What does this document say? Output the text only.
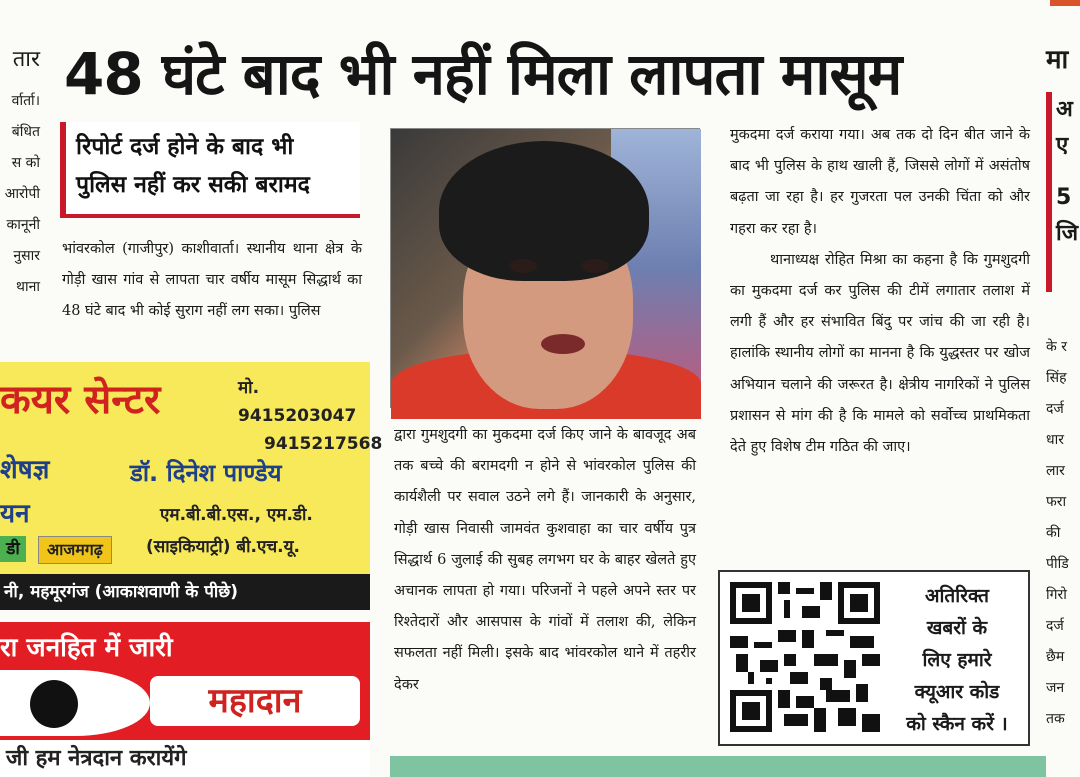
तार

र्वार्ता।

बंधित

स को

आरोपी

कानूनी

नुसार

थाना

48 घंटे बाद भी नहीं मिला लापता मासूम
रिपोर्ट दर्ज होने के बाद भी
पुलिस नहीं कर सकी बरामद
भांवरकोल (गाजीपुर) काशीवार्ता। स्थानीय थाना क्षेत्र के गोड़ी खास गांव से लापता चार वर्षीय मासूम सिद्धार्थ का 48 घंटे बाद भी कोई सुराग नहीं लग सका। पुलिस
द्वारा गुमशुदगी का मुकदमा दर्ज किए जाने के बावजूद अब तक बच्चे की बरामदगी न होने से भांवरकोल पुलिस की कार्यशैली पर सवाल उठने लगे हैं। जानकारी के अनुसार, गोड़ी खास निवासी जामवंत कुशवाहा का चार वर्षीय पुत्र सिद्धार्थ 6 जुलाई की सुबह लगभग घर के बाहर खेलते हुए अचानक लापता हो गया। परिजनों ने पहले अपने स्तर पर रिश्तेदारों और आसपास के गांवों में तलाश की, लेकिन सफलता नहीं मिली। इसके बाद भांवरकोल थाने में तहरीर देकर
मुकदमा दर्ज कराया गया। अब तक दो दिन बीत जाने के बाद भी पुलिस के हाथ खाली हैं, जिससे लोगों में असंतोष बढ़ता जा रहा है। हर गुजरता पल उनकी चिंता को और गहरा कर रहा है।
थानाध्यक्ष रोहित मिश्रा का कहना है कि गुमशुदगी का मुकदमा दर्ज कर पुलिस की टीमें लगातार तलाश में लगी हैं और हर संभावित बिंदु पर जांच की जा रही है। हालांकि स्थानीय लोगों का मानना है कि युद्धस्तर पर खोज अभियान चलाने की जरूरत है। क्षेत्रीय नागरिकों ने पुलिस प्रशासन से मांग की है कि मामले को सर्वोच्च प्राथमिकता देते हुए विशेष टीम गठित की जाए।
अतिरिक्त
खबरों के
लिए हमारे
क्यूआर कोड
को स्कैन करें ।
कयर सेन्टर	मो. 9415203047
9415217568
शेषज्ञ
यन
डॉ. दिनेश पाण्डेय
एम.बी.बी.एस., एम.डी.
डी	आजमगढ़	(साइकियाट्री) बी.एच.यू.
नी, महमूरगंज (आकाशवाणी के पीछे)
रा जनहित में जारी
महादान
जी हम नेत्रदान करायेंगे
मा
अ
ए
5
जि
के र
सिंह
दर्ज
धार
लार
फरा
की
पीडि
गिरो
दर्ज
छैम
जन
तक
